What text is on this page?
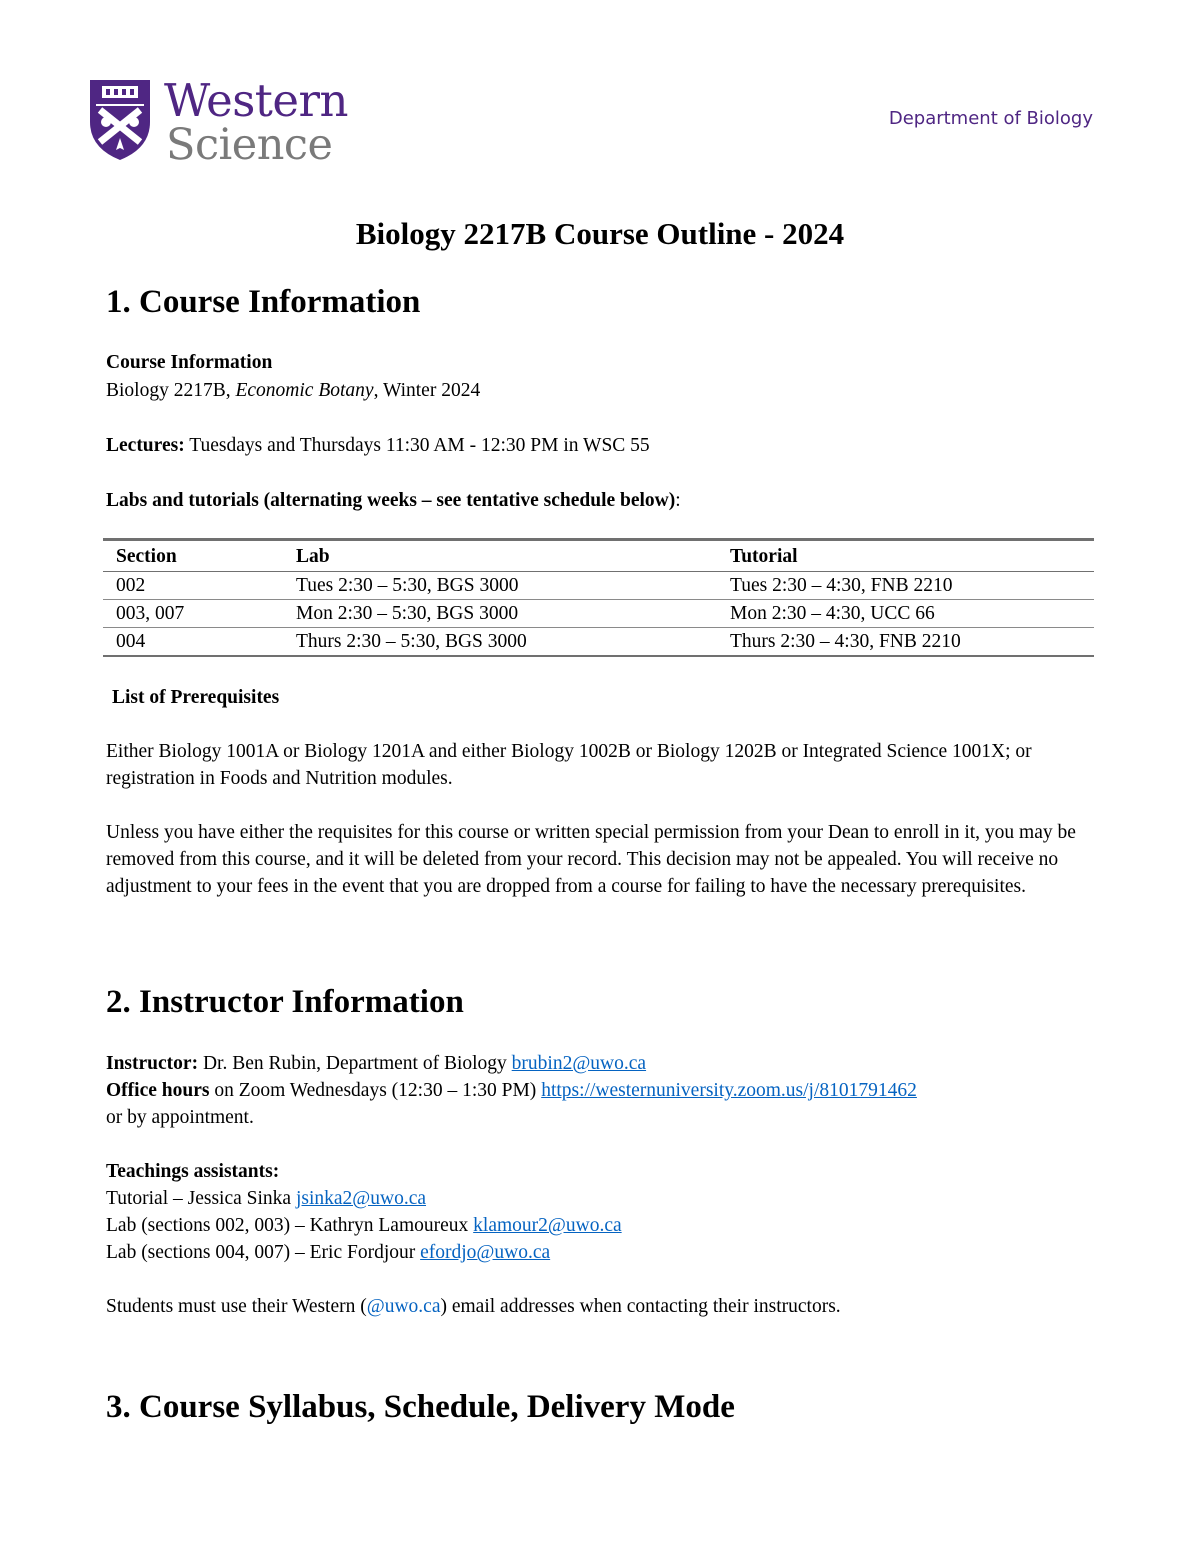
Western
Science
Department of Biology
Biology 2217B Course Outline - 2024
1. Course Information

Course Information

Biology 2217B, Economic Botany, Winter 2024

Lectures: Tuesdays and Thursdays 11:30 AM - 12:30 PM in WSC 55

Labs and tutorials (alternating weeks – see tentative schedule below):

Section	Lab	Tutorial
002	Tues 2:30 – 5:30, BGS 3000	Tues 2:30 – 4:30, FNB 2210
003, 007	Mon 2:30 – 5:30, BGS 3000	Mon 2:30 – 4:30, UCC 66
004	Thurs 2:30 – 5:30, BGS 3000	Thurs 2:30 – 4:30, FNB 2210

List of Prerequisites

Either Biology 1001A or Biology 1201A and either Biology 1002B or Biology 1202B or Integrated Science 1001X; or registration in Foods and Nutrition modules.

Unless you have either the requisites for this course or written special permission from your Dean to enroll in it, you may be removed from this course, and it will be deleted from your record. This decision may not be appealed. You will receive no adjustment to your fees in the event that you are dropped from a course for failing to have the necessary prerequisites.

2. Instructor Information

Instructor: Dr. Ben Rubin, Department of Biology brubin2@uwo.ca

Office hours on Zoom Wednesdays (12:30 – 1:30 PM) https://westernuniversity.zoom.us/j/8101791462

or by appointment.

Teachings assistants:

Tutorial – Jessica Sinka jsinka2@uwo.ca

Lab (sections 002, 003) – Kathryn Lamoureux klamour2@uwo.ca

Lab (sections 004, 007) – Eric Fordjour efordjo@uwo.ca

Students must use their Western (@uwo.ca) email addresses when contacting their instructors.

3. Course Syllabus, Schedule, Delivery Mode
